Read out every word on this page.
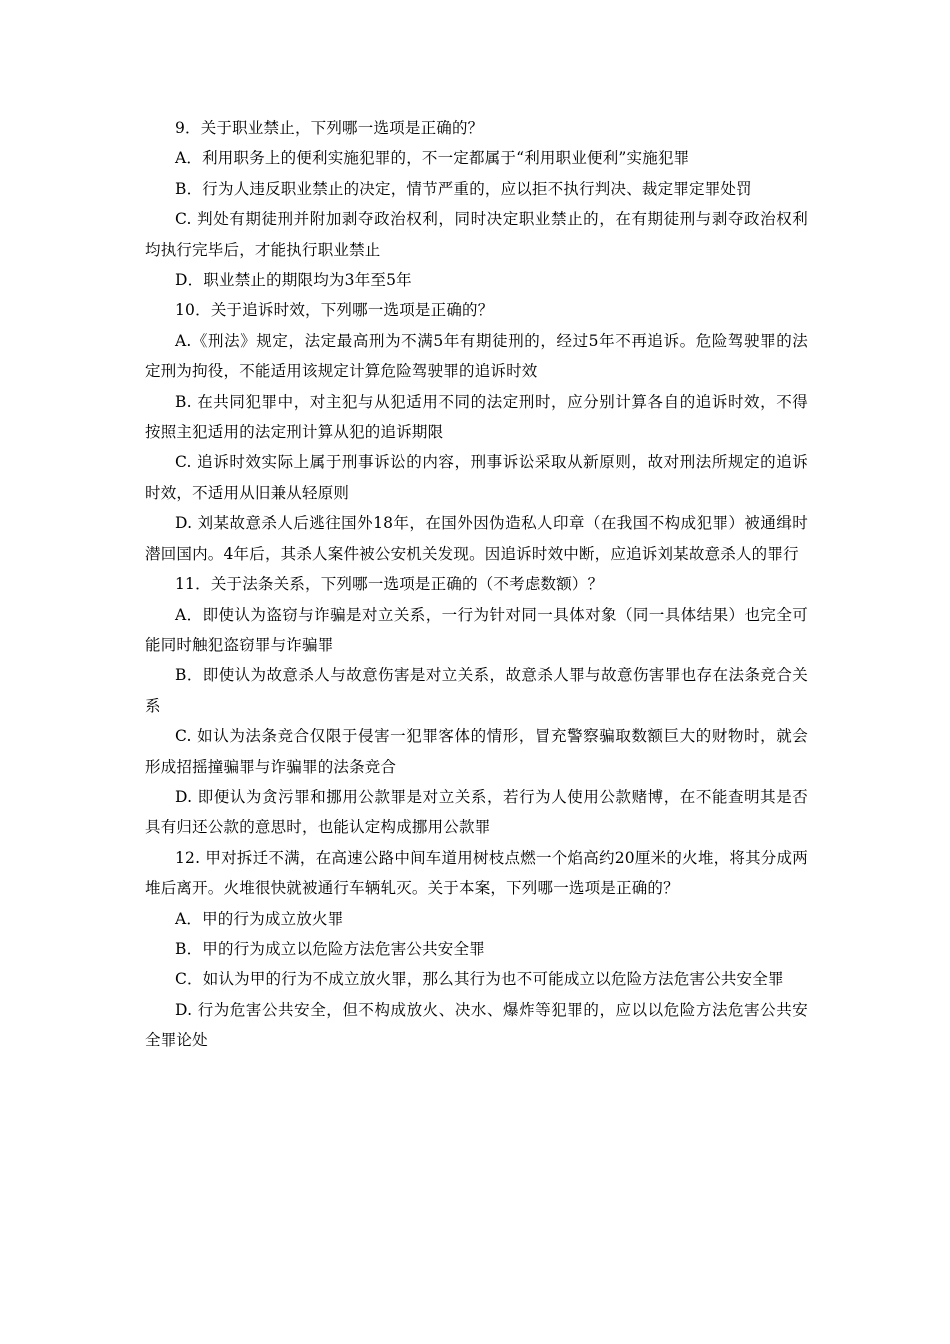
9．关于职业禁止，下列哪一选项是正确的？

A．利用职务上的便利实施犯罪的，不一定都属于“利用职业便利”实施犯罪

B．行为人违反职业禁止的决定，情节严重的，应以拒不执行判决、裁定罪定罪处罚

C. 判处有期徒刑并附加剥夺政治权利，同时决定职业禁止的，在有期徒刑与剥夺政治权利均执行完毕后，才能执行职业禁止

D．职业禁止的期限均为3年至5年

10．关于追诉时效，下列哪一选项是正确的？

A.《刑法》规定，法定最高刑为不满5年有期徒刑的，经过5年不再追诉。危险驾驶罪的法定刑为拘役，不能适用该规定计算危险驾驶罪的追诉时效

B. 在共同犯罪中，对主犯与从犯适用不同的法定刑时，应分别计算各自的追诉时效，不得按照主犯适用的法定刑计算从犯的追诉期限

C. 追诉时效实际上属于刑事诉讼的内容，刑事诉讼采取从新原则，故对刑法所规定的追诉时效，不适用从旧兼从轻原则

D. 刘某故意杀人后逃往国外18年，在国外因伪造私人印章（在我国不构成犯罪）被通缉时潜回国内。4年后，其杀人案件被公安机关发现。因追诉时效中断，应追诉刘某故意杀人的罪行

11．关于法条关系，下列哪一选项是正确的（不考虑数额）？

A．即使认为盗窃与诈骗是对立关系，一行为针对同一具体对象（同一具体结果）也完全可能同时触犯盗窃罪与诈骗罪

B．即使认为故意杀人与故意伤害是对立关系，故意杀人罪与故意伤害罪也存在法条竞合关系

C. 如认为法条竞合仅限于侵害一犯罪客体的情形，冒充警察骗取数额巨大的财物时，就会形成招摇撞骗罪与诈骗罪的法条竞合

D. 即便认为贪污罪和挪用公款罪是对立关系，若行为人使用公款赌博，在不能查明其是否具有归还公款的意思时，也能认定构成挪用公款罪

12. 甲对拆迁不满，在高速公路中间车道用树枝点燃一个焰高约20厘米的火堆，将其分成两堆后离开。火堆很快就被通行车辆轧灭。关于本案，下列哪一选项是正确的？

A．甲的行为成立放火罪

B．甲的行为成立以危险方法危害公共安全罪

C．如认为甲的行为不成立放火罪，那么其行为也不可能成立以危险方法危害公共安全罪

D. 行为危害公共安全，但不构成放火、决水、爆炸等犯罪的，应以以危险方法危害公共安全罪论处
